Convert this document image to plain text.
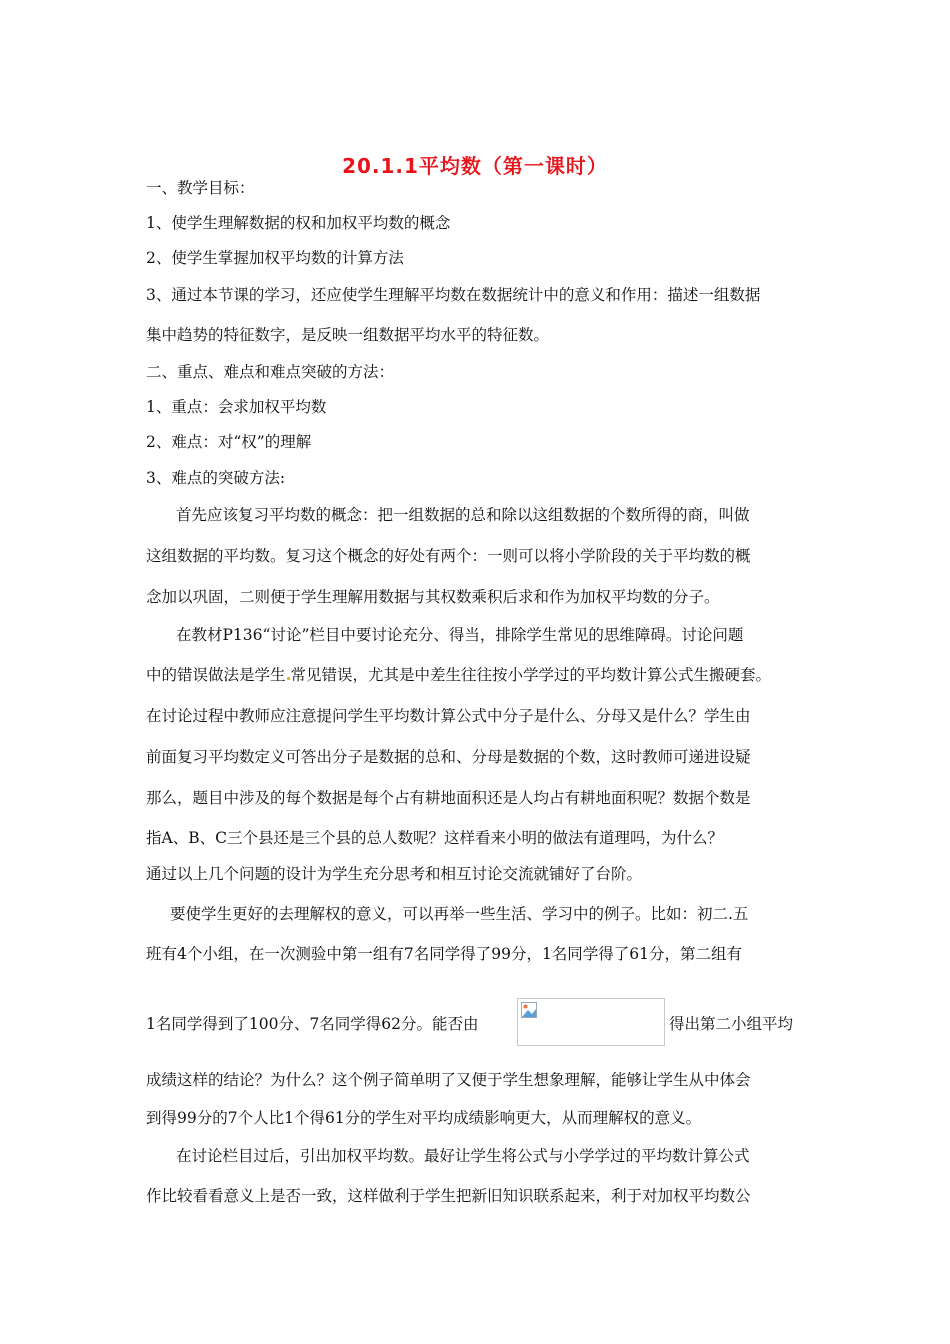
20.1.1平均数（第一课时）
一、教学目标：
1、使学生理解数据的权和加权平均数的概念
2、使学生掌握加权平均数的计算方法
3、通过本节课的学习，还应使学生理解平均数在数据统计中的意义和作用：描述一组数据
集中趋势的特征数字，是反映一组数据平均水平的特征数。
二、重点、难点和难点突破的方法：
1、重点：会求加权平均数
2、难点：对“权”的理解
3、难点的突破方法:
首先应该复习平均数的概念：把一组数据的总和除以这组数据的个数所得的商，叫做
这组数据的平均数。复习这个概念的好处有两个：一则可以将小学阶段的关于平均数的概
念加以巩固，二则便于学生理解用数据与其权数乘积后求和作为加权平均数的分子。
在教材P136“讨论”栏目中要讨论充分、得当，排除学生常见的思维障碍。讨论问题
中的错误做法是学生 常见错误，尤其是中差生往往按小学学过的平均数计算公式生搬硬套。
在讨论过程中教师应注意提问学生平均数计算公式中分子是什么、分母又是什么？学生由
前面复习平均数定义可答出分子是数据的总和、分母是数据的个数，这时教师可递进设疑
那么，题目中涉及的每个数据是每个占有耕地面积还是人均占有耕地面积呢？数据个数是
指A、B、C三个县还是三个县的总人数呢？这样看来小明的做法有道理吗，为什么？
通过以上几个问题的设计为学生充分思考和相互讨论交流就铺好了台阶。
要使学生更好的去理解权的意义，可以再举一些生活、学习中的例子。比如：初二.五
班有4个小组，在一次测验中第一组有7名同学得了99分，1名同学得了61分，第二组有
1名同学得到了100分、7名同学得62分。能否由	得出第二小组平均
成绩这样的结论？为什么？这个例子简单明了又便于学生想象理解，能够让学生从中体会
到得99分的7个人比1个得61分的学生对平均成绩影响更大，从而理解权的意义。
在讨论栏目过后，引出加权平均数。最好让学生将公式与小学学过的平均数计算公式
作比较看看意义上是否一致，这样做利于学生把新旧知识联系起来，利于对加权平均数公
